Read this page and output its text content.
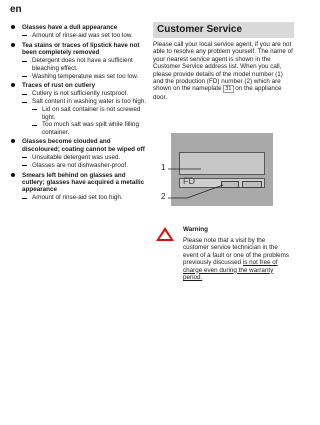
en
Glasses have a dull appearance
Amount of rinse-aid was set too low.
Tea stains or traces of lipstick have not been completely removed
Detergent does not have a sufficient bleaching effect.
Washing temperature was set too low.
Traces of rust on cutlery
Cutlery is not sufficiently rustproof.
Salt content in washing water is too high.
Lid on salt container is not screwed tight.
Too much salt was spilt while filling container.
Glasses become clouded and discoloured; coating cannot be wiped off
Unsuitable detergent was used.
Glasses are not dishwasher-proof.
Smears left behind on glasses and cutlery; glasses have acquired a metallic appearance
Amount of rinse-aid set too high.
Customer Service
Please call your local service agent, if you are not able to resolve any problem yourself. The name of your nearest service agent is shown in the Customer Service address list. When you call, please provide details of the model number (1) and the production (FD) number (2) which are shown on the nameplate 31 on the appliance door.
FD
1
2
Warning
Please note that a visit by the customer service technician in the event of a fault or one of the problems previously discussed is not free of charge even during the warranty period.
